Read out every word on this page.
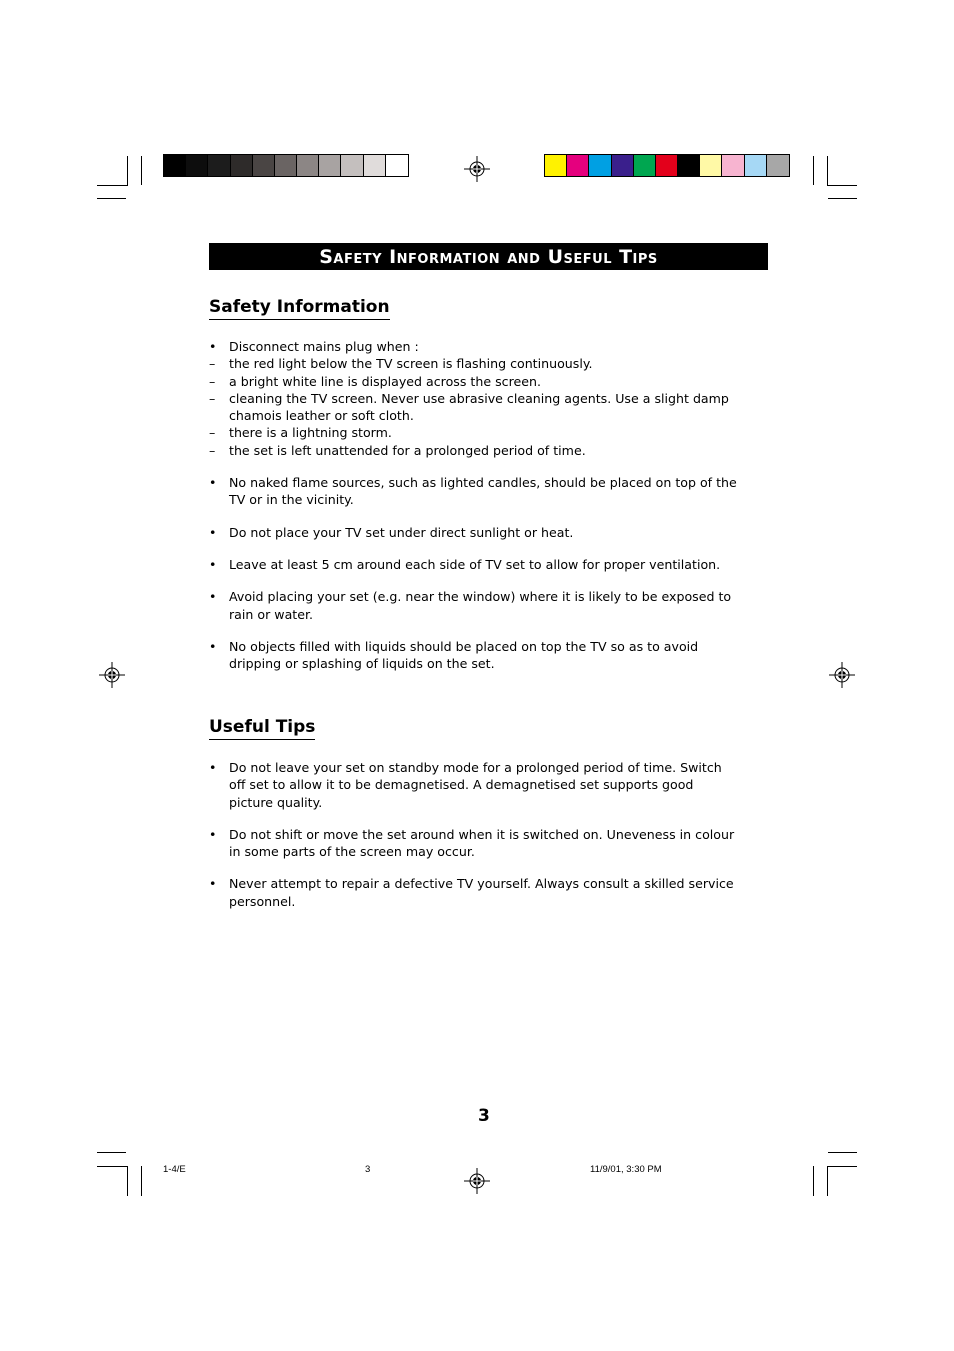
Safety Information and Useful Tips
Safety Information
• Disconnect mains plug when :
–	the red light below the TV screen is flashing continuously.
–	a bright white line is displayed across the screen.
–	cleaning the TV screen. Never use abrasive cleaning agents. Use a slight damp chamois leather or soft cloth.
–	there is a lightning storm.
–	the set is left unattended for a prolonged period of time.
• No naked flame sources, such as lighted candles, should be placed on top of the TV or in the vicinity.
• Do not place your TV set under direct sunlight or heat.
• Leave at least 5 cm around each side of TV set to allow for proper ventilation.
• Avoid placing your set (e.g. near the window) where it is likely to be exposed to rain or water.
• No objects filled with liquids should be placed on top the TV so as to avoid dripping or splashing of liquids on the set.
Useful Tips
• Do not leave your set on standby mode for a prolonged period of time. Switch off set to allow it to be demagnetised. A demagnetised set supports good picture quality.
• Do not shift or move the set around when it is switched on. Uneveness in colour in some parts of the screen may occur.
• Never attempt to repair a defective TV yourself. Always consult a skilled service personnel.
3
1-4/E	3	11/9/01, 3:30 PM
